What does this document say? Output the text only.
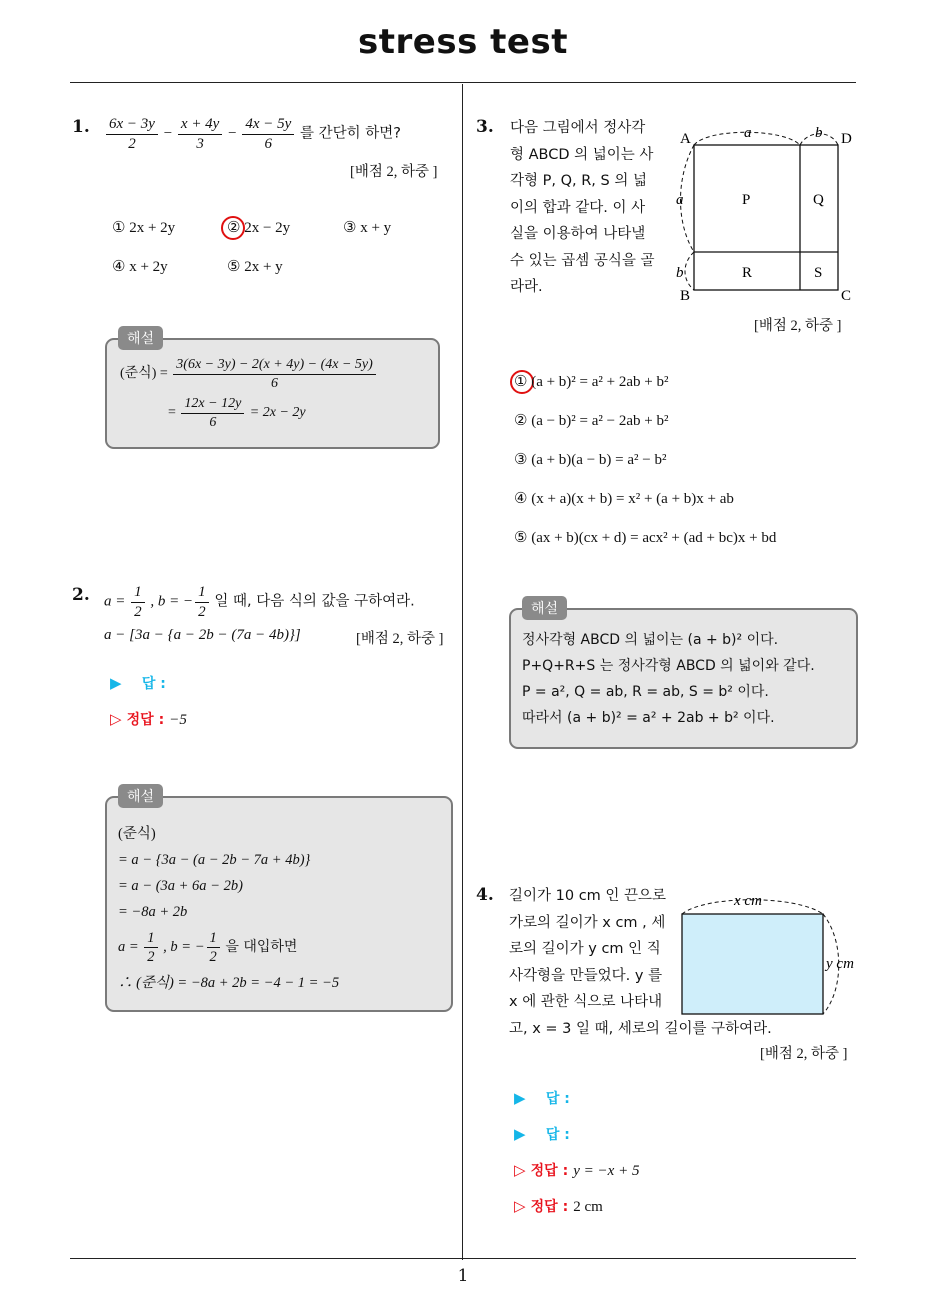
stress test
1
1. $\frac{6x - 3y}{2} - \frac{x + 4y}{3} - \frac{4x - 5y}{6}$ 를 간단히 하면?
[배점 2, 하중 ]
① 2x + 2y	② 2x − 2y	③ x + y
④ x + 2y	⑤ 2x + y
해설
(준식) = $\frac{3(6x - 3y) - 2(x + 4y) - (4x - 5y)}{6}$
= $\frac{12x - 12y}{6} = 2x - 2y$
2. $a = \frac{1}{2}$ , b = − $\frac{1}{2}$ 일 때, 다음 식의 값을 구하여라.
a − [3a − {a − 2b − (7a − 4b)}]	[배점 2, 하중 ]
▶ 답 :
▷ 정답 : −5
해설
(준식)
= a − {3a − (a − 2b − 7a + 4b)}
= a − (3a + 6a − 2b)
= −8a + 2b
$a = \frac{1}{2}$ , b = − $\frac{1}{2}$ 을 대입하면
∴ (준식) = −8a + 2b = −4 − 1 = −5
3. 다음 그림에서 정사각
형 ABCD 의 넓이는 사
각형 P, Q, R, S 의 넓
이의 합과 같다. 이 사
실을 이용하여 나타낼
수 있는 곱셈 공식을 골
라라.
A	D
B	C
a	b
a
b
P	Q
R	S
[배점 2, 하중 ]
① (a + b)² = a² + 2ab + b²
② (a − b)² = a² − 2ab + b²
③ (a + b)(a − b) = a² − b²
④ (x + a)(x + b) = x² + (a + b)x + ab
⑤ (ax + b)(cx + d) = acx² + (ad + bc)x + bd
해설
정사각형 ABCD 의 넓이는 (a + b)² 이다.
P+Q+R+S 는 정사각형 ABCD 의 넓이와 같다.
P = a², Q = ab, R = ab, S = b² 이다.
따라서 (a + b)² = a² + 2ab + b² 이다.
4. 길이가 10 cm 인 끈으로
가로의 길이가 x cm , 세
로의 길이가 y cm 인 직
사각형을 만들었다. y 를
x 에 관한 식으로 나타내
고, x = 3 일 때, 세로의 길이를 구하여라.
x cm
y cm
[배점 2, 하중 ]
▶ 답 :
▶ 답 :
▷ 정답 : y = −x + 5
▷ 정답 : 2 cm
